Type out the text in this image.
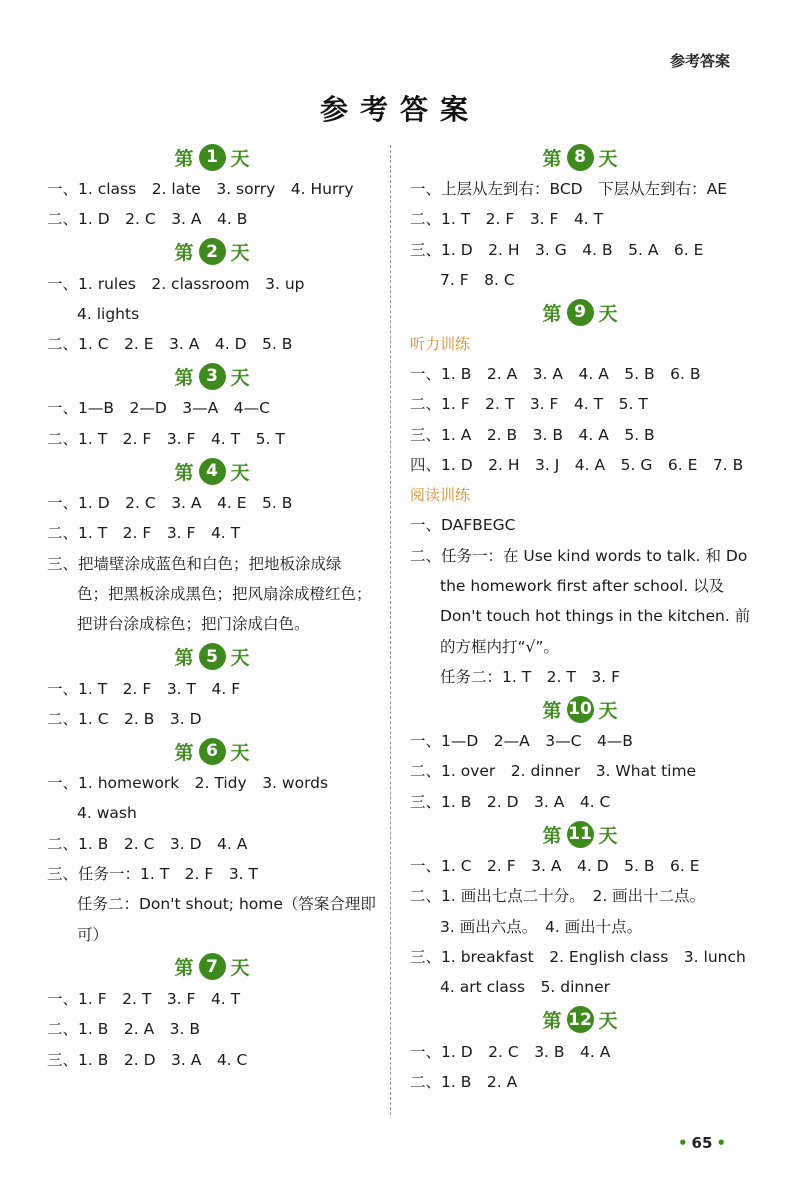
参考答案
参考答案
第 1 天
一、1. class　2. late　3. sorry　4. Hurry
二、1. D　2. C　3. A　4. B
第 2 天
一、1. rules　2. classroom　3. up
4. lights
二、1. C　2. E　3. A　4. D　5. B
第 3 天
一、1—B　2—D　3—A　4—C
二、1. T　2. F　3. F　4. T　5. T
第 4 天
一、1. D　2. C　3. A　4. E　5. B
二、1. T　2. F　3. F　4. T
三、把墙壁涂成蓝色和白色；把地板涂成绿
色；把黑板涂成黑色；把风扇涂成橙红色；
把讲台涂成棕色；把门涂成白色。
第 5 天
一、1. T　2. F　3. T　4. F
二、1. C　2. B　3. D
第 6 天
一、1. homework　2. Tidy　3. words
4. wash
二、1. B　2. C　3. D　4. A
三、任务一：1. T　2. F　3. T
任务二：Don't shout; home（答案合理即
可）
第 7 天
一、1. F　2. T　3. F　4. T
二、1. B　2. A　3. B
三、1. B　2. D　3. A　4. C
第 8 天
一、上层从左到右：BCD　下层从左到右：AE
二、1. T　2. F　3. F　4. T
三、1. D　2. H　3. G　4. B　5. A　6. E
7. F　8. C
第 9 天
听力训练
一、1. B　2. A　3. A　4. A　5. B　6. B
二、1. F　2. T　3. F　4. T　5. T
三、1. A　2. B　3. B　4. A　5. B
四、1. D　2. H　3. J　4. A　5. G　6. E　7. B
阅读训练
一、DAFBEGC
二、任务一：在 Use kind words to talk. 和 Do
the homework first after school. 以及
Don't touch hot things in the kitchen. 前
的方框内打“√”。
任务二：1. T　2. T　3. F
第 10 天
一、1—D　2—A　3—C　4—B
二、1. over　2. dinner　3. What time
三、1. B　2. D　3. A　4. C
第 11 天
一、1. C　2. F　3. A　4. D　5. B　6. E
二、1. 画出七点二十分。　2. 画出十二点。
3. 画出六点。　4. 画出十点。
三、1. breakfast　2. English class　3. lunch
4. art class　5. dinner
第 12 天
一、1. D　2. C　3. B　4. A
二、1. B　2. A
• 65 •
